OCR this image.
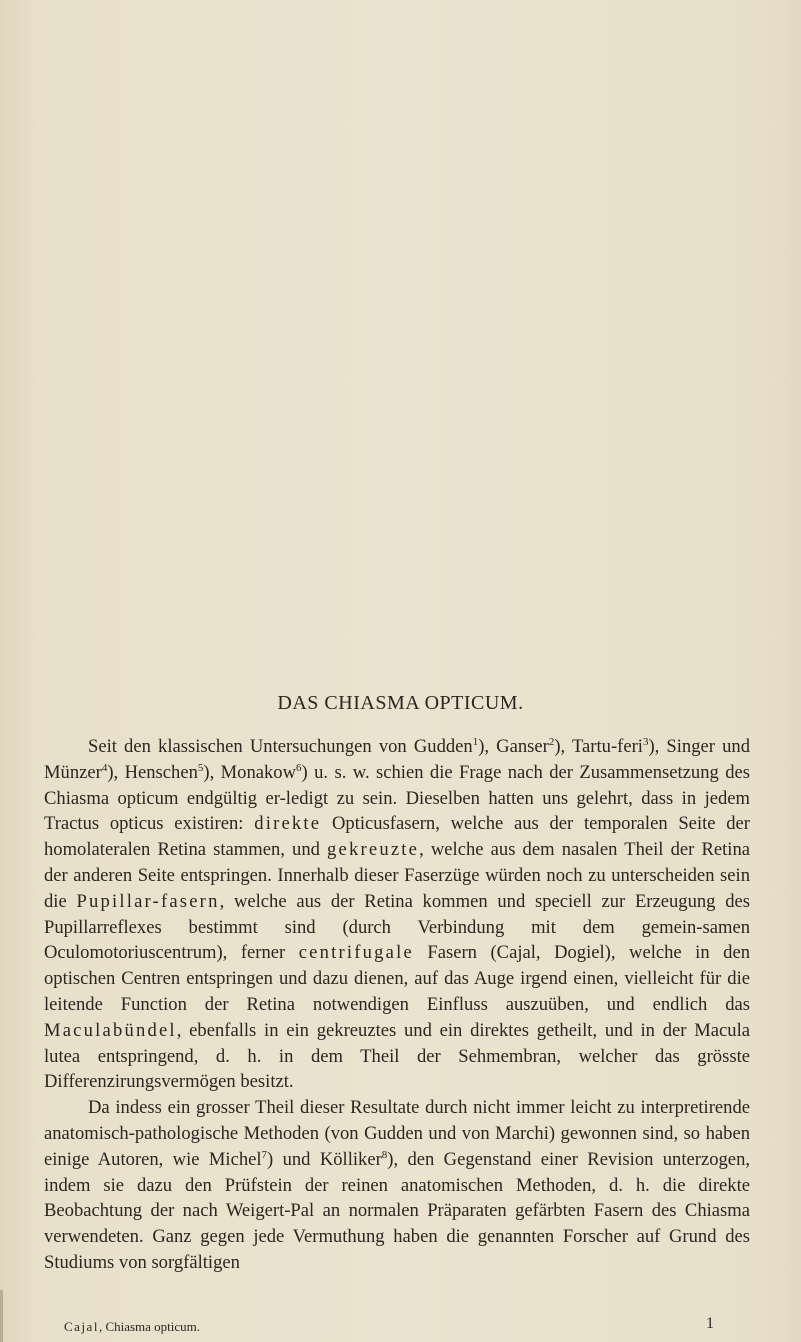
DAS CHIASMA OPTICUM.

Seit den klassischen Untersuchungen von Gudden$^1$), Ganser$^2$), Tartu-feri$^3$), Singer und Münzer$^4$), Henschen$^5$), Monakow$^6$) u. s. w. schien die Frage nach der Zusammensetzung des Chiasma opticum endgültig er-ledigt zu sein. Dieselben hatten uns gelehrt, dass in jedem Tractus opticus existiren: direkte Opticusfasern, welche aus der temporalen Seite der homolateralen Retina stammen, und gekreuzte, welche aus dem nasalen Theil der Retina der anderen Seite entspringen. Innerhalb dieser Faserzüge würden noch zu unterscheiden sein die Pupillar-fasern, welche aus der Retina kommen und speciell zur Erzeugung des Pupillarreflexes bestimmt sind (durch Verbindung mit dem gemein-samen Oculomotoriuscentrum), ferner centrifugale Fasern (Cajal, Dogiel), welche in den optischen Centren entspringen und dazu dienen, auf das Auge irgend einen, vielleicht für die leitende Function der Retina notwendigen Einfluss auszuüben, und endlich das Maculabündel, ebenfalls in ein gekreuztes und ein direktes getheilt, und in der Macula lutea entspringend, d. h. in dem Theil der Sehmembran, welcher das grösste Differenzirungsvermögen besitzt.

Da indess ein grosser Theil dieser Resultate durch nicht immer leicht zu interpretirende anatomisch-pathologische Methoden (von Gudden und von Marchi) gewonnen sind, so haben einige Autoren, wie Michel$^7$) und Kölliker$^8$), den Gegenstand einer Revision unterzogen, indem sie dazu den Prüfstein der reinen anatomischen Methoden, d. h. die direkte Beobachtung der nach Weigert-Pal an normalen Präparaten gefärbten Fasern des Chiasma verwendeten. Ganz gegen jede Vermuthung haben die genannten Forscher auf Grund des Studiums von sorgfältigen

Cajal, Chiasma opticum.	1
